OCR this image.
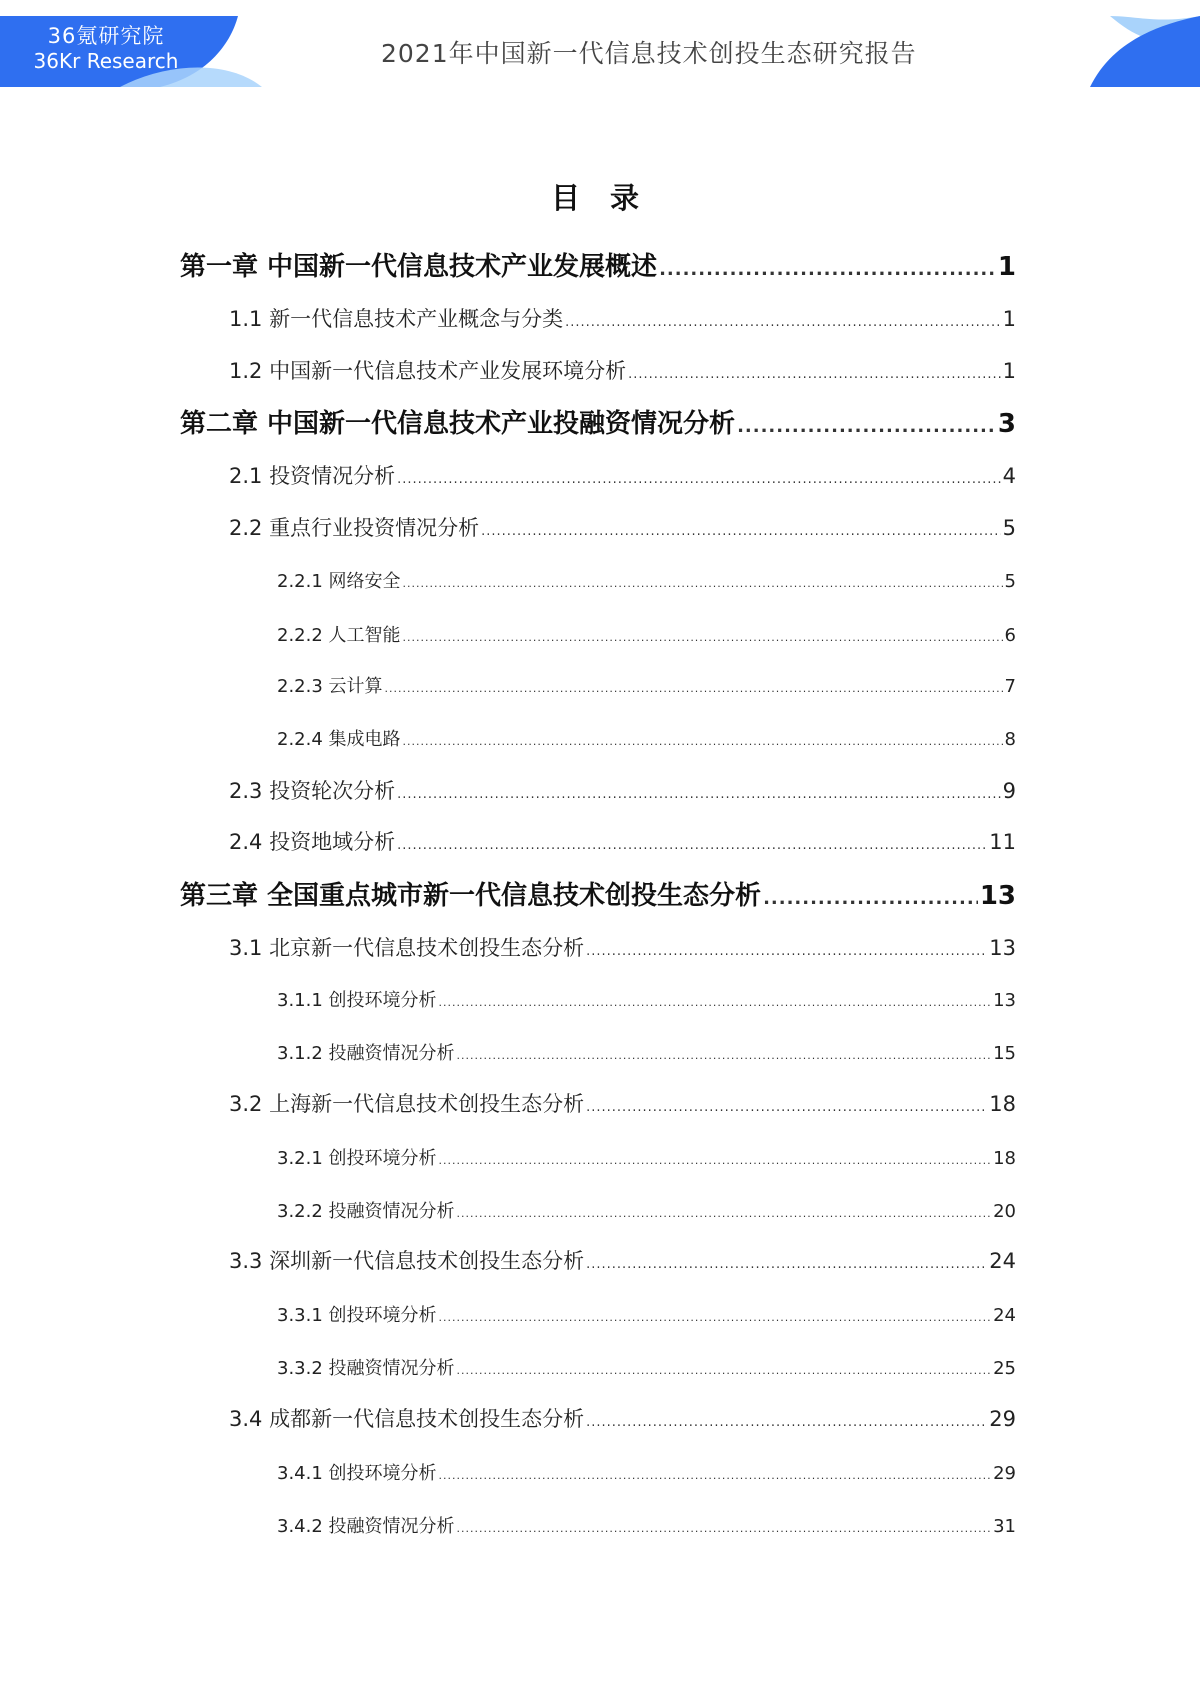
36氪研究院
36Kr Research	2021年中国新一代信息技术创投生态研究报告
目 录
第一章 中国新一代信息技术产业发展概述 .....	1
1.1 新一代信息技术产业概念与分类 .....	1
1.2 中国新一代信息技术产业发展环境分析 .....	1
第二章 中国新一代信息技术产业投融资情况分析 .....	3
2.1 投资情况分析 .....	4
2.2 重点行业投资情况分析 .....	5
2.2.1 网络安全 .....	5
2.2.2 人工智能 .....	6
2.2.3 云计算 .....	7
2.2.4 集成电路 .....	8
2.3 投资轮次分析 .....	9
2.4 投资地域分析 .....	11
第三章 全国重点城市新一代信息技术创投生态分析 .....	13
3.1 北京新一代信息技术创投生态分析 .....	13
3.1.1 创投环境分析 .....	13
3.1.2 投融资情况分析 .....	15
3.2 上海新一代信息技术创投生态分析 .....	18
3.2.1 创投环境分析 .....	18
3.2.2 投融资情况分析 .....	20
3.3 深圳新一代信息技术创投生态分析 .....	24
3.3.1 创投环境分析 .....	24
3.3.2 投融资情况分析 .....	25
3.4 成都新一代信息技术创投生态分析 .....	29
3.4.1 创投环境分析 .....	29
3.4.2 投融资情况分析 .....	31
